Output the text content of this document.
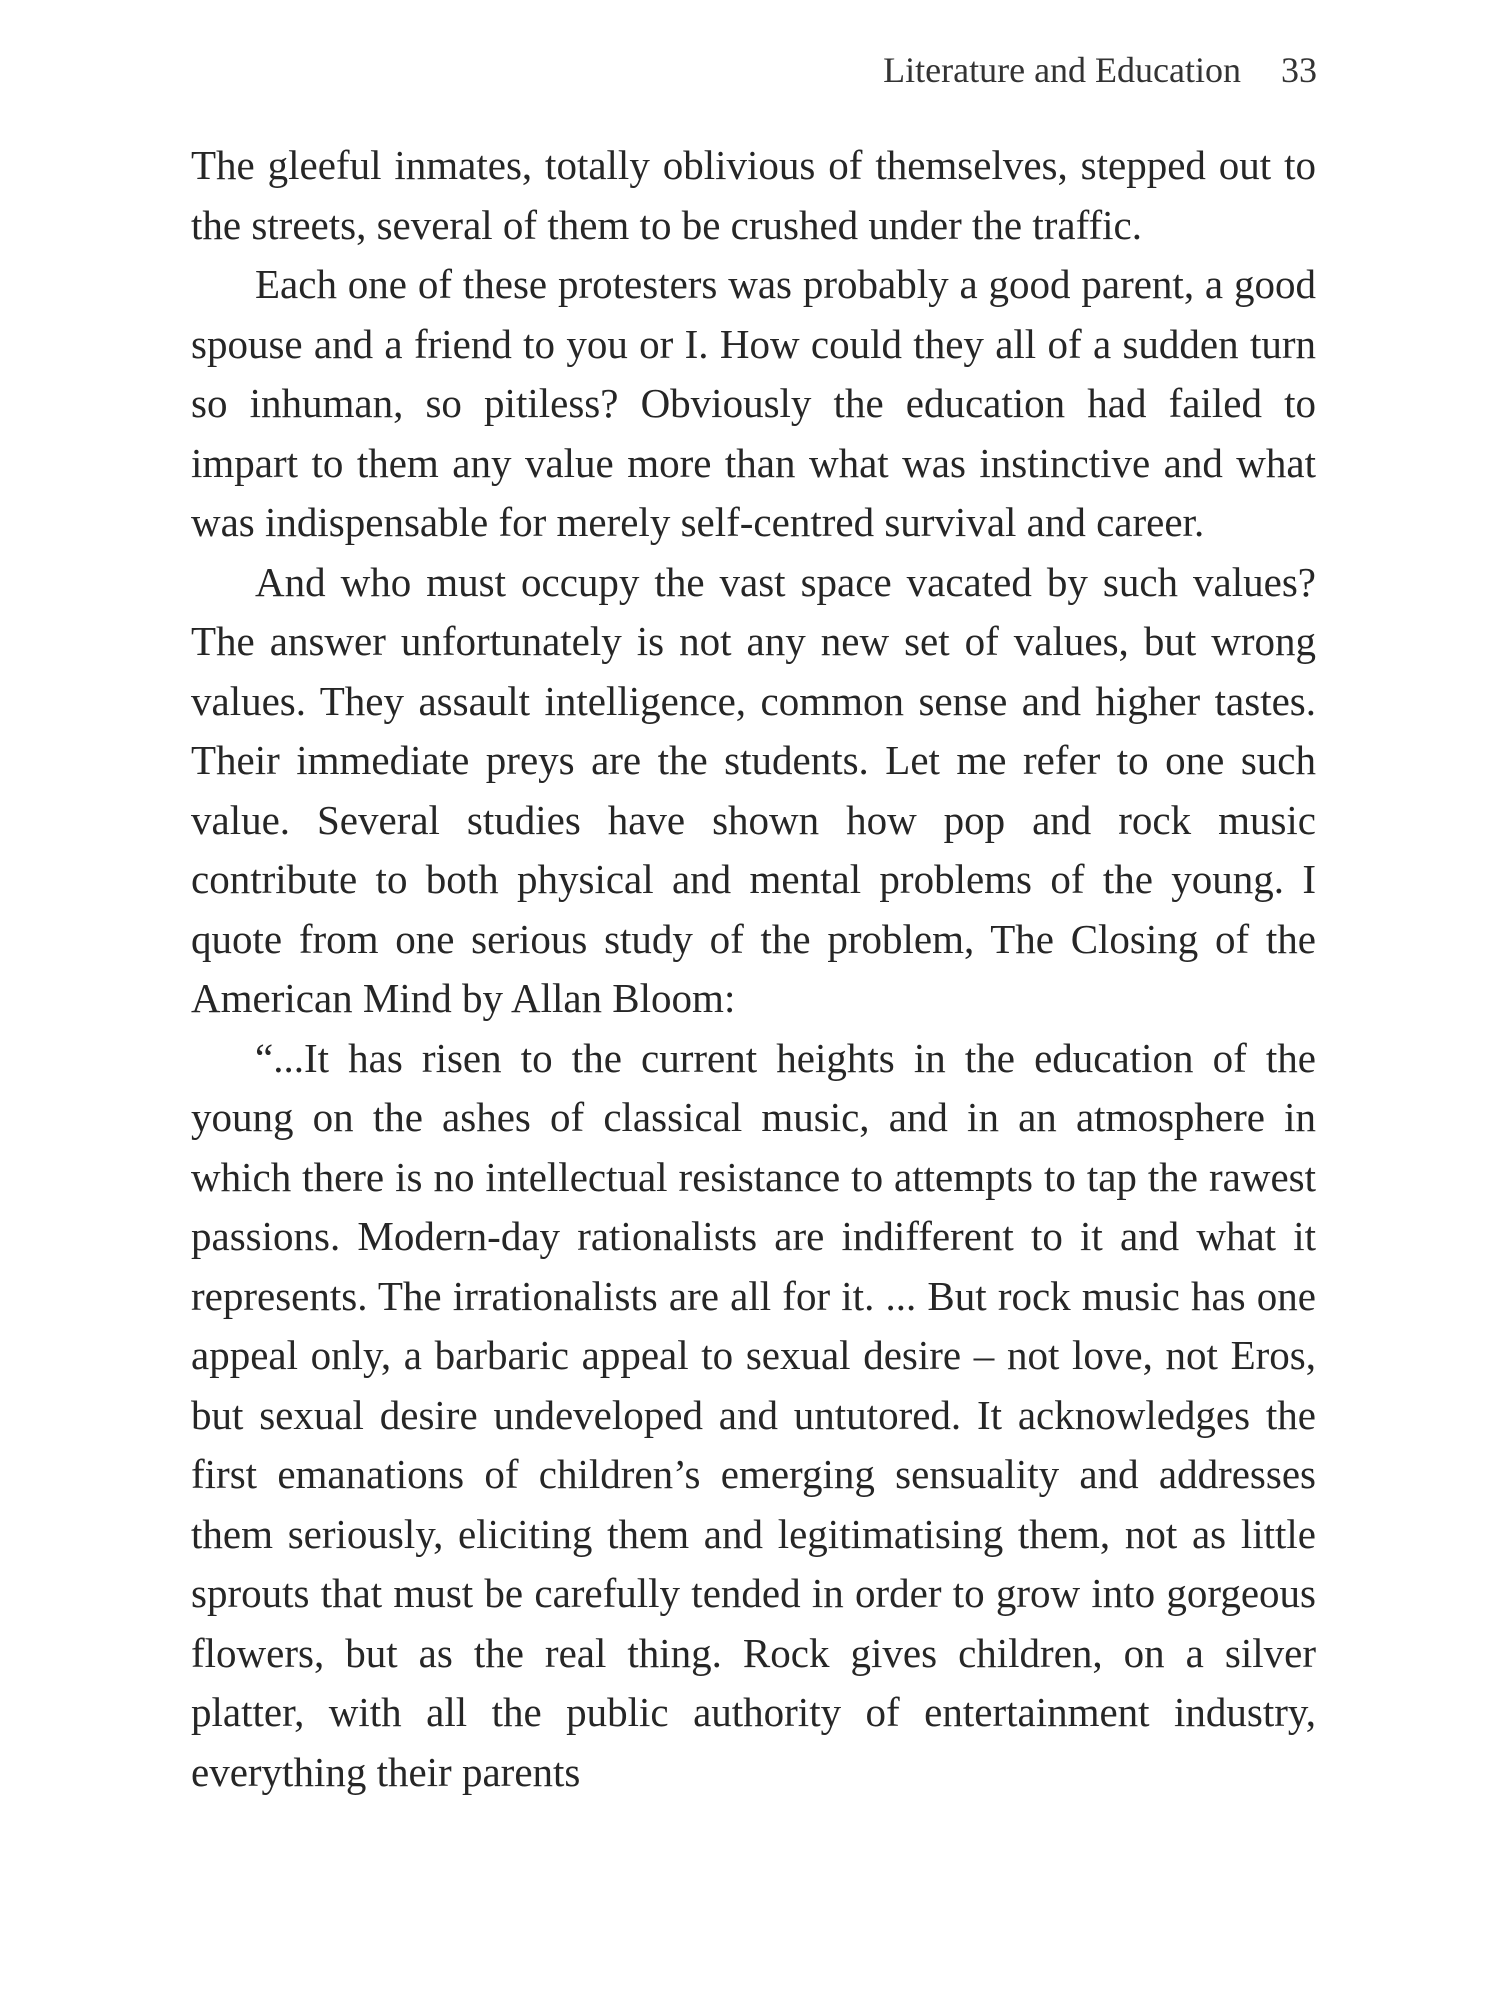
Literature and Education 33

The gleeful inmates, totally oblivious of themselves, stepped out to the streets, several of them to be crushed under the traffic.

Each one of these protesters was probably a good parent, a good spouse and a friend to you or I. How could they all of a sudden turn so inhuman, so pitiless? Obviously the education had failed to impart to them any value more than what was instinctive and what was indispensable for merely self-centred survival and career.

And who must occupy the vast space vacated by such values? The answer unfortunately is not any new set of values, but wrong values. They assault intelligence, common sense and higher tastes. Their immediate preys are the students. Let me refer to one such value. Several studies have shown how pop and rock music contribute to both physical and mental problems of the young. I quote from one serious study of the problem, The Closing of the American Mind by Allan Bloom:

“...It has risen to the current heights in the education of the young on the ashes of classical music, and in an atmosphere in which there is no intellectual resistance to attempts to tap the rawest passions. Modern-day rationalists are indifferent to it and what it represents. The irrationalists are all for it. ... But rock music has one appeal only, a barbaric appeal to sexual desire – not love, not Eros, but sexual desire undeveloped and untutored. It acknowledges the first emanations of children’s emerging sensuality and addresses them seriously, eliciting them and legitimatising them, not as little sprouts that must be carefully tended in order to grow into gorgeous flowers, but as the real thing. Rock gives children, on a silver platter, with all the public authority of entertainment industry, everything their parents
